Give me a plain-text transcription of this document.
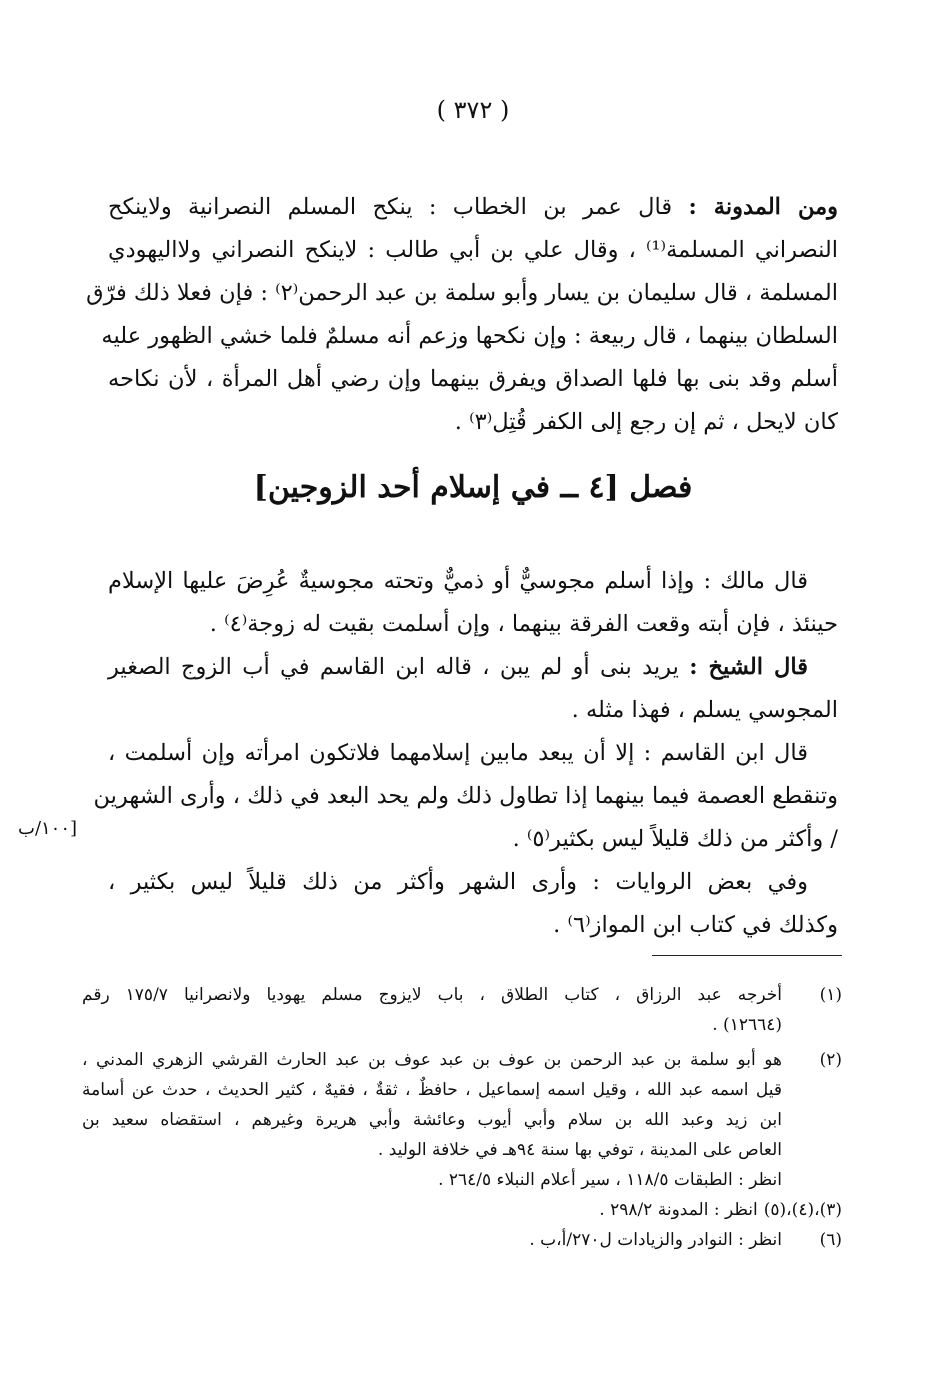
( ٣٧٢ )
ومن المدونة : قال عمر بن الخطاب : ينكح المسلم النصرانية ولاينكح
النصراني المسلمة⁽¹⁾ ، وقال علي بن أبي طالب : لاينكح النصراني ولااليهودي
المسلمة ، قال سليمان بن يسار وأبو سلمة بن عبد الرحمن⁽٢⁾ : فإن فعلا ذلك فرّق
السلطان بينهما ، قال ربيعة : وإن نكحها وزعم أنه مسلمٌ فلما خشي الظهور عليه
أسلم وقد بنى بها فلها الصداق ويفرق بينهما وإن رضي أهل المرأة ، لأن نكاحه
كان لايحل ، ثم إن رجع إلى الكفر قُتِل⁽٣⁾ .
فصل [٤ ــ في إسلام أحد الزوجين]
قال مالك : وإذا أسلم مجوسيٌّ أو ذميٌّ وتحته مجوسيةٌ عُرِضَ عليها الإسلام
حينئذ ، فإن أبته وقعت الفرقة بينهما ، وإن أسلمت بقيت له زوجة⁽٤⁾ .
قال الشيخ : يريد بنى أو لم يبن ، قاله ابن القاسم في أب الزوج الصغير
المجوسي يسلم ، فهذا مثله .
قال ابن القاسم : إلا أن يبعد مابين إسلامهما فلاتكون امرأته وإن أسلمت ،
وتنقطع العصمة فيما بينهما إذا تطاول ذلك ولم يحد البعد في ذلك ، وأرى الشهرين
/ وأكثر من ذلك قليلاً ليس بكثير⁽٥⁾ .
وفي بعض الروايات : وأرى الشهر وأكثر من ذلك قليلاً ليس بكثير ،
وكذلك في كتاب ابن المواز⁽٦⁾ .
[١٠٠/ب
(١)
أخرجه عبد الرزاق ، كتاب الطلاق ، باب لايزوج مسلم يهوديا ولانصرانيا ١٧٥/٧ رقم
(١٢٦٦٤) .
(٢)
هو أبو سلمة بن عبد الرحمن بن عوف بن عبد عوف بن عبد الحارث القرشي الزهري المدني ،
قيل اسمه عبد الله ، وقيل اسمه إسماعيل ، حافظٌ ، ثقةٌ ، فقيهٌ ، كثير الحديث ، حدث عن أسامة
ابن زيد وعبد الله بن سلام وأبي أيوب وعائشة وأبي هريرة وغيرهم ، استقضاه سعيد بن
العاص على المدينة ، توفي بها سنة ٩٤هـ في خلافة الوليد .
انظر : الطبقات ١١٨/٥ ، سير أعلام النبلاء ٢٦٤/٥ .
(٣)،(٤)،(٥)
انظر : المدونة ٢٩٨/٢ .
(٦)
انظر : النوادر والزيادات ل٢٧٠/أ،ب .
